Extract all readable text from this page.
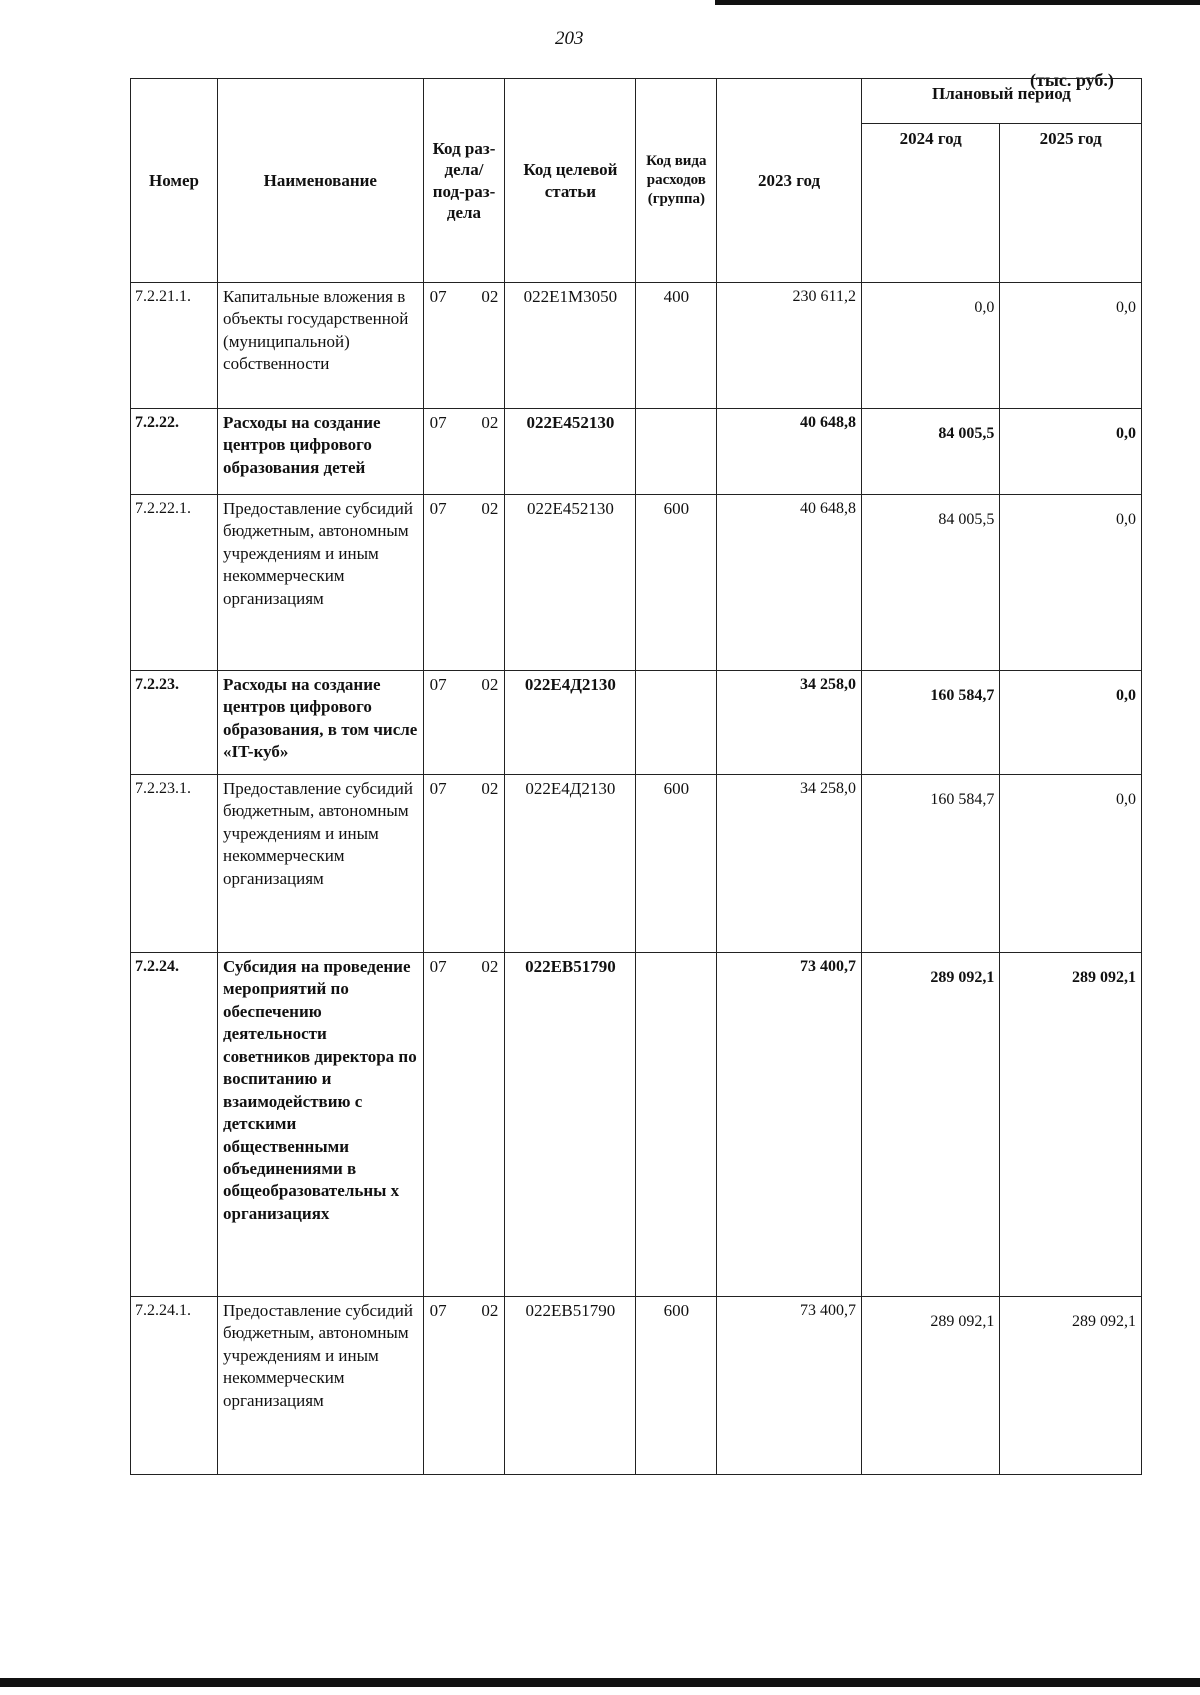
203
(тыс. руб.)
Номер	Наименование	Код раз-дела/ под-раз-дела	Код целевой статьи	Код вида расходов (группа)	2023 год	Плановый период	
						2024 год	2025 год
7.2.21.1.	Капитальные вложения в объекты государственной (муниципальной) собственности	07 02	022Е1М3050	400	230 611,2	0,0	0,0
7.2.22.	Расходы на создание центров цифрового образования детей	07 02	022Е452130		40 648,8	84 005,5	0,0
7.2.22.1.	Предоставление субсидий бюджетным, автономным учреждениям и иным некоммерческим организациям	07 02	022Е452130	600	40 648,8	84 005,5	0,0
7.2.23.	Расходы на создание центров цифрового образования, в том числе «IT-куб»	07 02	022Е4Д2130		34 258,0	160 584,7	0,0
7.2.23.1.	Предоставление субсидий бюджетным, автономным учреждениям и иным некоммерческим организациям	07 02	022Е4Д2130	600	34 258,0	160 584,7	0,0
7.2.24.	Субсидия на проведение мероприятий по обеспечению деятельности советников директора по воспитанию и взаимодействию с детскими общественными объединениями в общеобразовательны х организациях	07 02	022ЕВ51790		73 400,7	289 092,1	289 092,1
7.2.24.1.	Предоставление субсидий бюджетным, автономным учреждениям и иным некоммерческим организациям	07 02	022ЕВ51790	600	73 400,7	289 092,1	289 092,1
